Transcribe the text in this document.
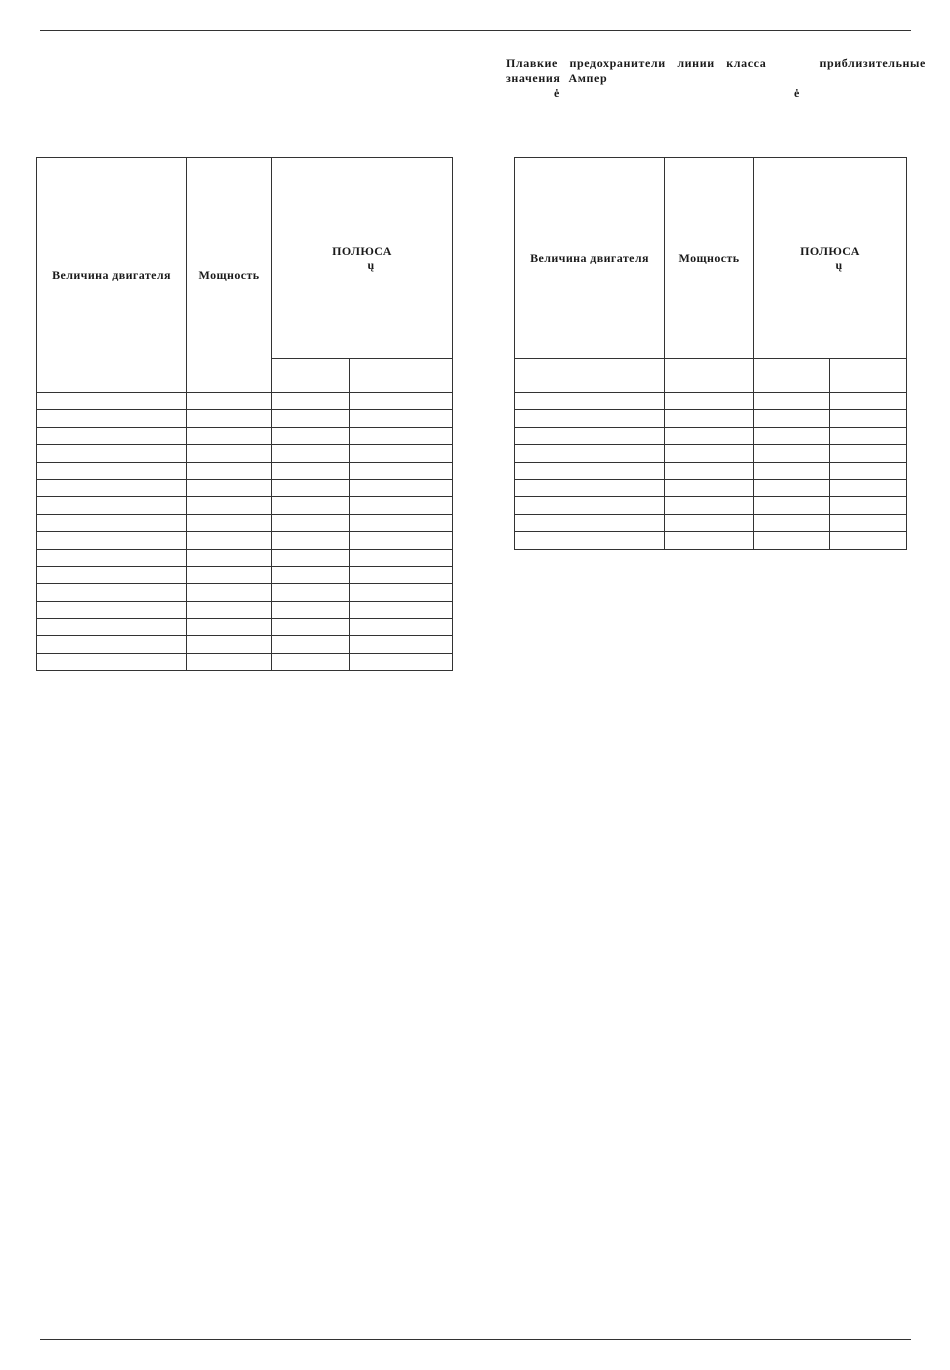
Плавкие предохранители линии класса	приблизительные
значения Ампер
ė	ė
Величина двигателя	Мощность	ПОЛЮСА
ų	

Величина двигателя	Мощность	ПОЛЮСА
ų	
